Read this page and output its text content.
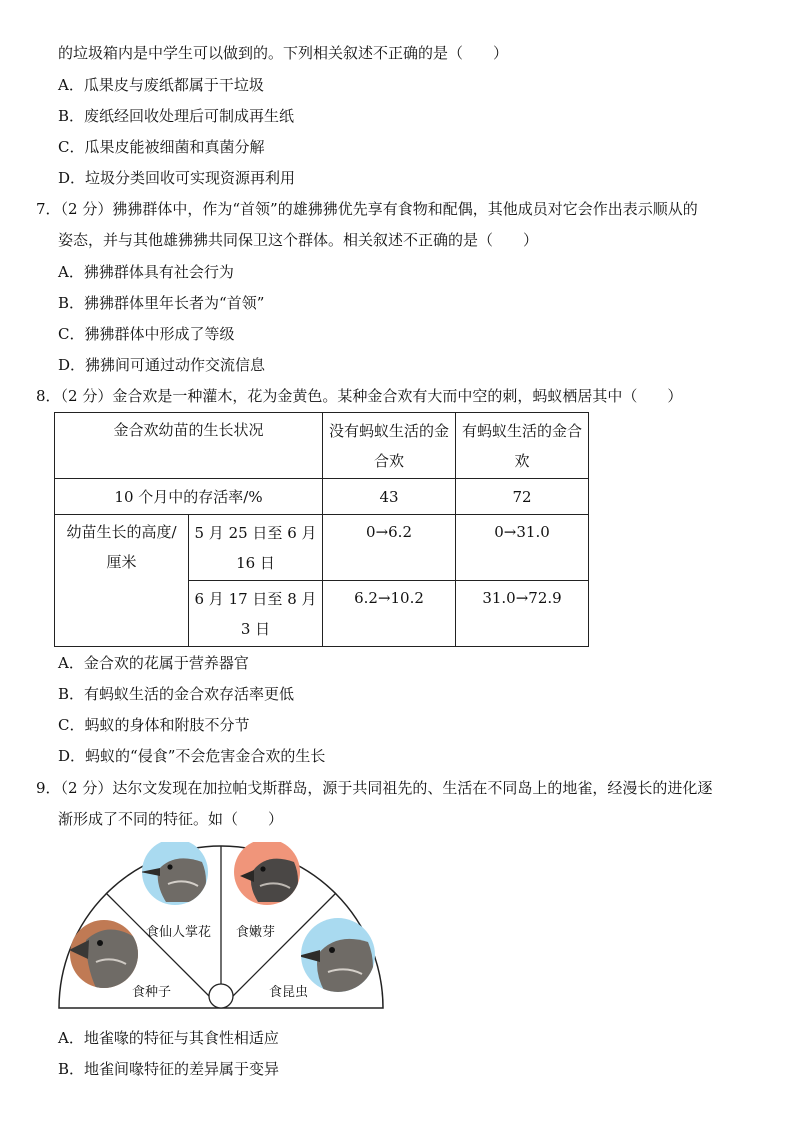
的垃圾箱内是中学生可以做到的。下列相关叙述不正确的是（　　）
A．瓜果皮与废纸都属于干垃圾
B．废纸经回收处理后可制成再生纸
C．瓜果皮能被细菌和真菌分解
D．垃圾分类回收可实现资源再利用
7．（2 分）狒狒群体中，作为“首领”的雄狒狒优先享有食物和配偶，其他成员对它会作出表示顺从的
姿态，并与其他雄狒狒共同保卫这个群体。相关叙述不正确的是（　　）
A．狒狒群体具有社会行为
B．狒狒群体里年长者为“首领”
C．狒狒群体中形成了等级
D．狒狒间可通过动作交流信息
8．（2 分）金合欢是一种灌木，花为金黄色。某种金合欢有大而中空的刺，蚂蚁栖居其中（　　）
金合欢幼苗的生长状况		没有蚂蚁生活的金合欢	有蚂蚁生活的金合欢
10 个月中的存活率/%		43	72
幼苗生长的高度/厘米	5 月 25 日至 6 月 16 日	0→6.2	0→31.0
	6 月 17 日至 8 月 3 日	6.2→10.2	31.0→72.9
A．金合欢的花属于营养器官
B．有蚂蚁生活的金合欢存活率更低
C．蚂蚁的身体和附肢不分节
D．蚂蚁的“侵食”不会危害金合欢的生长
9．（2 分）达尔文发现在加拉帕戈斯群岛，源于共同祖先的、生活在不同岛上的地雀，经漫长的进化逐
渐形成了不同的特征。如（　　）
食种子
食仙人掌花 食嫩芽
食昆虫
A．地雀喙的特征与其食性相适应
B．地雀间喙特征的差异属于变异
